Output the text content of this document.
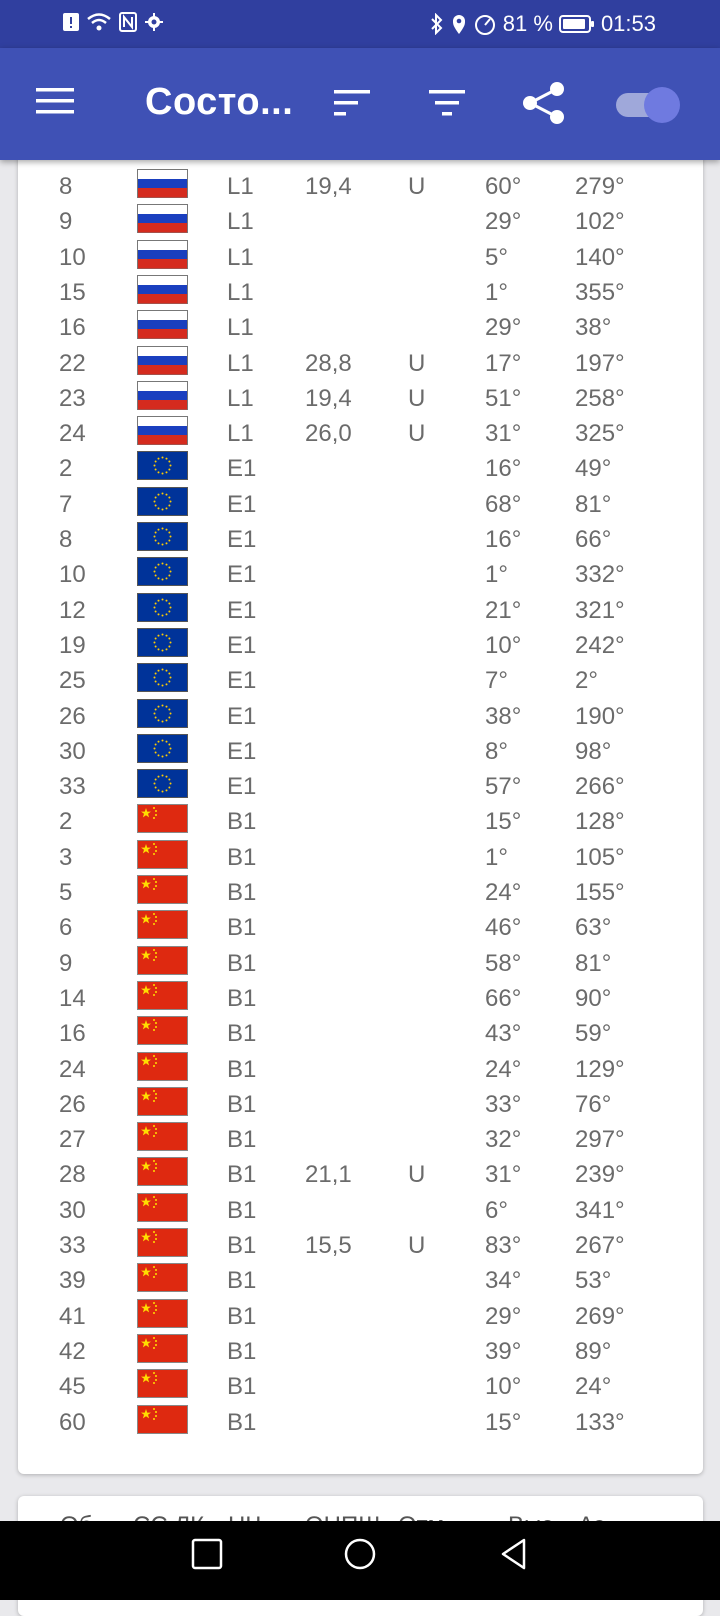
81 % 01:53
Состо...
8	L1 19,4 U 60° 279°
9	L1	29° 102°
10	L1	5°	140°
15	L1	1°	355°
16	L1	29° 38°
22	L1 28,8 U 17° 197°
23	L1 19,4 U 51° 258°
24	L1 26,0 U 31° 325°
2	E1	16° 49°
7	E1	68° 81°
8	E1	16° 66°
10	E1	1°	332°
12	E1	21° 321°
19	E1	10° 242°
25	E1	7°	2°
26	E1	38° 190°
30	E1	8°	98°
33	E1	57° 266°
2	B1	15° 128°
3	B1	1°	105°
5	B1	24° 155°
6	B1	46° 63°
9	B1	58° 81°
14	B1	66° 90°
16	B1	43° 59°
24	B1	24° 129°
26	B1	33° 76°
27	B1	32° 297°
28	B1 21,1 U 31° 239°
30	B1	6°	341°
33	B1 15,5 U 83° 267°
39	B1	34° 53°
41	B1	29° 269°
42	B1	39° 89°
45	B1	10° 24°
60	B1	15° 133°
